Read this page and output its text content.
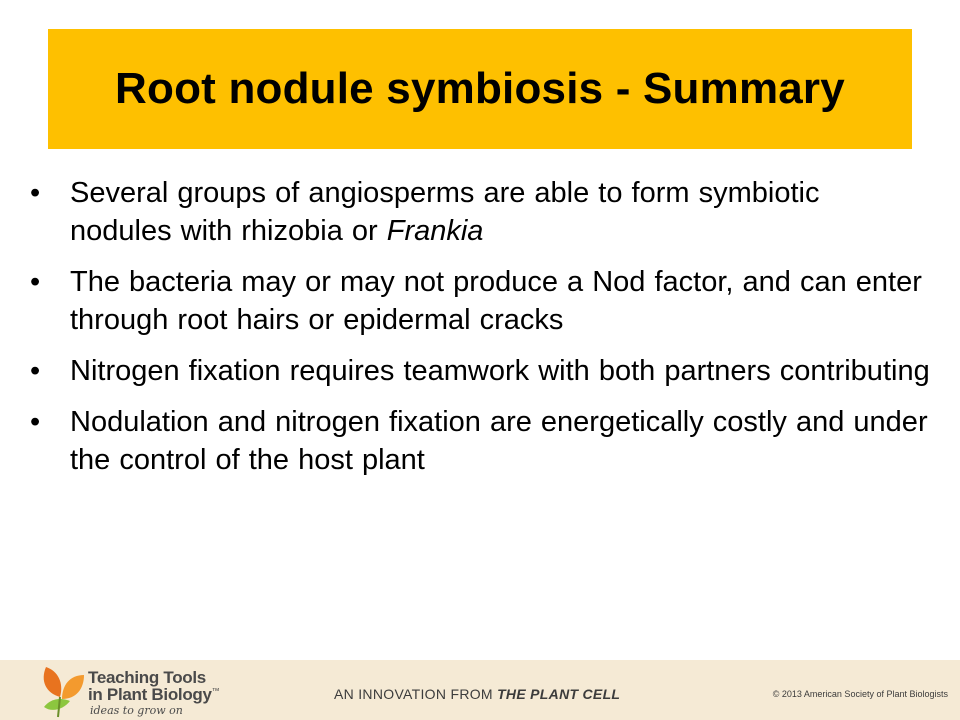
Root nodule symbiosis - Summary
•	Several groups of angiosperms are able to form symbiotic nodules with rhizobia or Frankia
•	The bacteria may or may not produce a Nod factor, and can enter through root hairs or epidermal cracks
•	Nitrogen fixation requires teamwork with both partners contributing
•	Nodulation and nitrogen fixation are energetically costly and under the control of the host plant
Teaching Tools
in Plant Biology™
ideas to grow on
AN INNOVATION FROM THE PLANT CELL	© 2013 American Society of Plant Biologists
